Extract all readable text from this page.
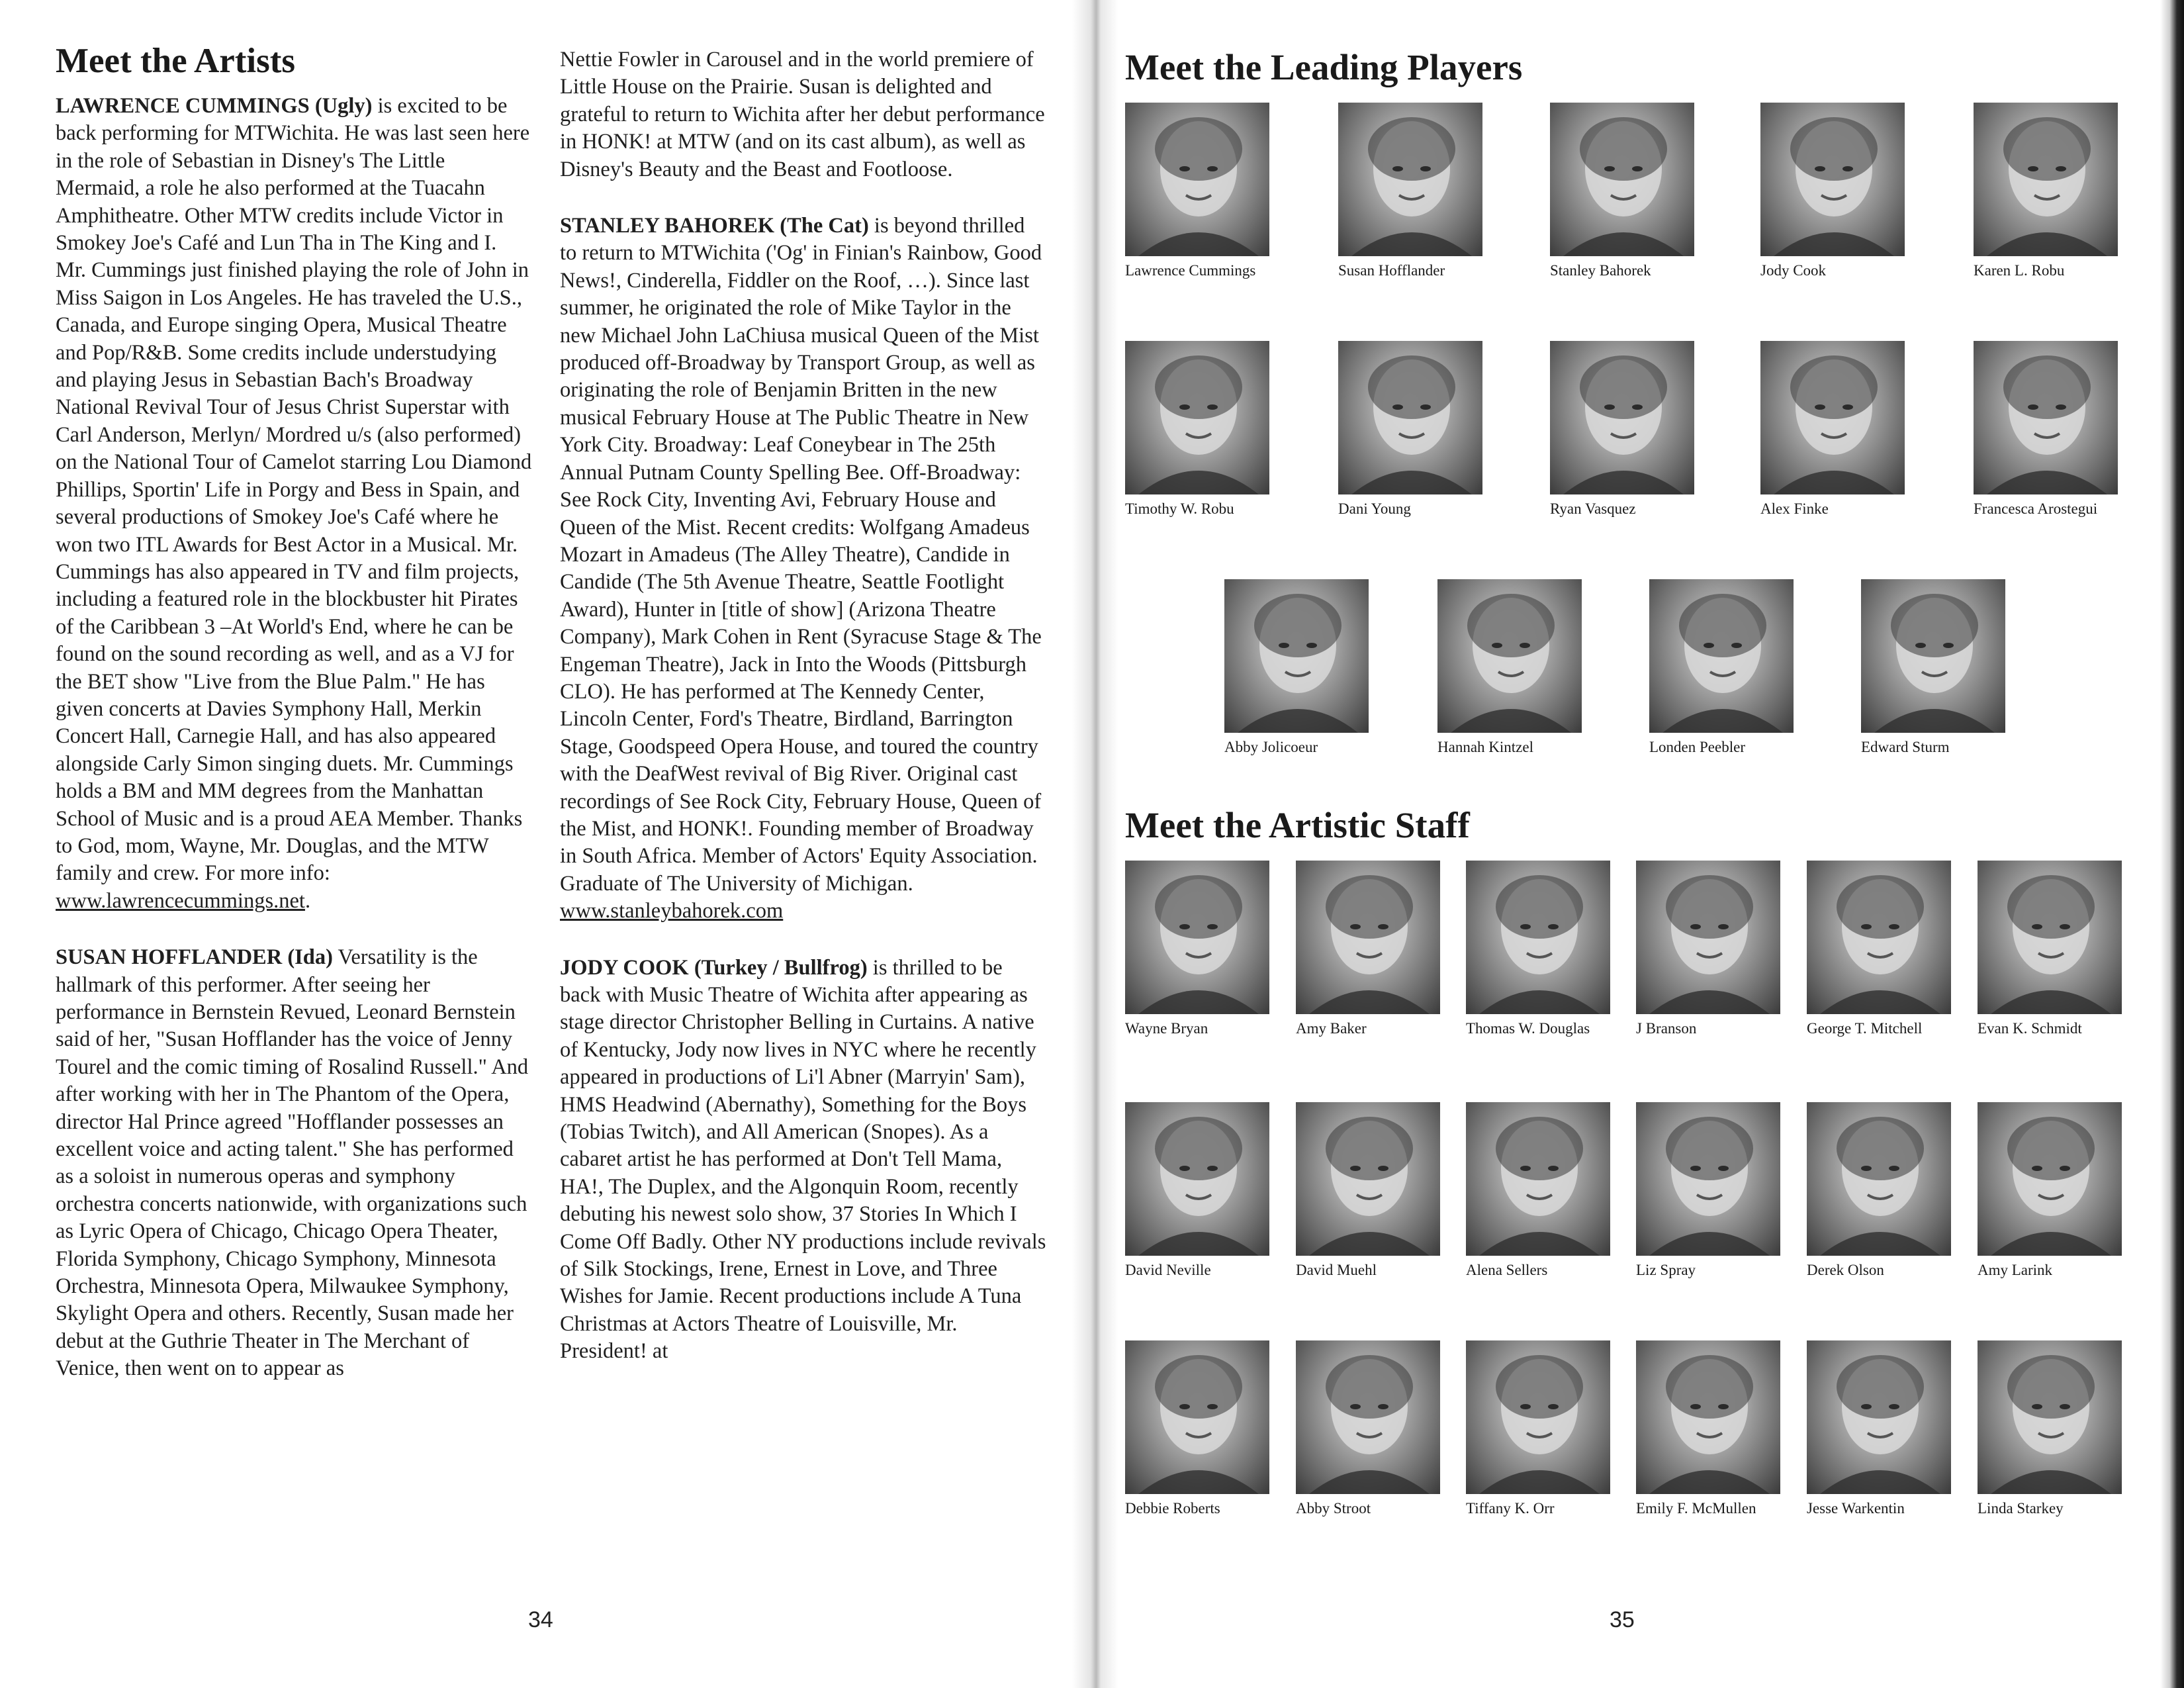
Meet the Artists

LAWRENCE CUMMINGS (Ugly) is excited to be back performing for MTWichita. He was last seen here in the role of Sebastian in Disney's The Little Mermaid, a role he also performed at the Tuacahn Amphitheatre. Other MTW credits include Victor in Smokey Joe's Café and Lun Tha in The King and I. Mr. Cummings just finished playing the role of John in Miss Saigon in Los Angeles. He has traveled the U.S., Canada, and Europe singing Opera, Musical Theatre and Pop/R&B. Some credits include understudying and playing Jesus in Sebastian Bach's Broadway National Revival Tour of Jesus Christ Superstar with Carl Anderson, Merlyn/ Mordred u/s (also performed) on the National Tour of Camelot starring Lou Diamond Phillips, Sportin' Life in Porgy and Bess in Spain, and several productions of Smokey Joe's Café where he won two ITL Awards for Best Actor in a Musical. Mr. Cummings has also appeared in TV and film projects, including a featured role in the blockbuster hit Pirates of the Caribbean 3 –At World's End, where he can be found on the sound recording as well, and as a VJ for the BET show "Live from the Blue Palm." He has given concerts at Davies Symphony Hall, Merkin Concert Hall, Carnegie Hall, and has also appeared alongside Carly Simon singing duets. Mr. Cummings holds a BM and MM degrees from the Manhattan School of Music and is a proud AEA Member. Thanks to God, mom, Wayne, Mr. Douglas, and the MTW family and crew. For more info: www.lawrencecummings.net.

SUSAN HOFFLANDER (Ida) Versatility is the hallmark of this performer. After seeing her performance in Bernstein Revued, Leonard Bernstein said of her, "Susan Hofflander has the voice of Jenny Tourel and the comic timing of Rosalind Russell." And after working with her in The Phantom of the Opera, director Hal Prince agreed "Hofflander possesses an excellent voice and acting talent." She has performed as a soloist in numerous operas and symphony orchestra concerts nationwide, with organizations such as Lyric Opera of Chicago, Chicago Opera Theater, Florida Symphony, Chicago Symphony, Minnesota Orchestra, Minnesota Opera, Milwaukee Symphony, Skylight Opera and others. Recently, Susan made her debut at the Guthrie Theater in The Merchant of Venice, then went on to appear as

Nettie Fowler in Carousel and in the world premiere of Little House on the Prairie. Susan is delighted and grateful to return to Wichita after her debut performance in HONK! at MTW (and on its cast album), as well as Disney's Beauty and the Beast and Footloose.

STANLEY BAHOREK (The Cat) is beyond thrilled to return to MTWichita ('Og' in Finian's Rainbow, Good News!, Cinderella, Fiddler on the Roof, …). Since last summer, he originated the role of Mike Taylor in the new Michael John LaChiusa musical Queen of the Mist produced off-Broadway by Transport Group, as well as originating the role of Benjamin Britten in the new musical February House at The Public Theatre in New York City. Broadway: Leaf Coneybear in The 25th Annual Putnam County Spelling Bee. Off-Broadway: See Rock City, Inventing Avi, February House and Queen of the Mist. Recent credits: Wolfgang Amadeus Mozart in Amadeus (The Alley Theatre), Candide in Candide (The 5th Avenue Theatre, Seattle Footlight Award), Hunter in [title of show] (Arizona Theatre Company), Mark Cohen in Rent (Syracuse Stage & The Engeman Theatre), Jack in Into the Woods (Pittsburgh CLO). He has performed at The Kennedy Center, Lincoln Center, Ford's Theatre, Birdland, Barrington Stage, Goodspeed Opera House, and toured the country with the DeafWest revival of Big River. Original cast recordings of See Rock City, February House, Queen of the Mist, and HONK!. Founding member of Broadway in South Africa. Member of Actors' Equity Association. Graduate of The University of Michigan. www.stanleybahorek.com

JODY COOK (Turkey / Bullfrog) is thrilled to be back with Music Theatre of Wichita after appearing as stage director Christopher Belling in Curtains. A native of Kentucky, Jody now lives in NYC where he recently appeared in productions of Li'l Abner (Marryin' Sam), HMS Headwind (Abernathy), Something for the Boys (Tobias Twitch), and All American (Snopes). As a cabaret artist he has performed at Don't Tell Mama, HA!, The Duplex, and the Algonquin Room, recently debuting his newest solo show, 37 Stories In Which I Come Off Badly. Other NY productions include revivals of Silk Stockings, Irene, Ernest in Love, and Three Wishes for Jamie. Recent productions include A Tuna Christmas at Actors Theatre of Louisville, Mr. President! at

34
Meet the Leading Players
Lawrence Cummings	Susan Hofflander	Stanley Bahorek	Jody Cook	Karen L. Robu
Timothy W. Robu	Dani Young	Ryan Vasquez	Alex Finke	Francesca Arostegui
Abby Jolicoeur	Hannah Kintzel	Londen Peebler	Edward Sturm
Meet the Artistic Staff
Wayne Bryan	Amy Baker	Thomas W. Douglas	J Branson	George T. Mitchell	Evan K. Schmidt
David Neville	David Muehl	Alena Sellers	Liz Spray	Derek Olson	Amy Larink
Debbie Roberts	Abby Stroot	Tiffany K. Orr	Emily F. McMullen	Jesse Warkentin	Linda Starkey
35
